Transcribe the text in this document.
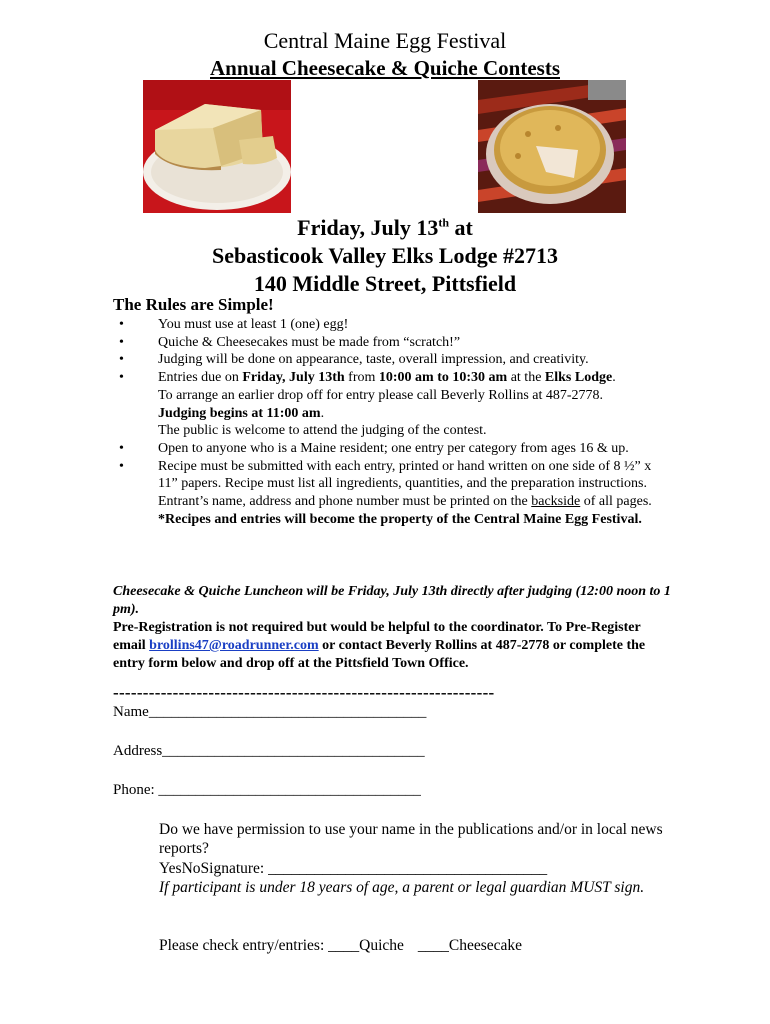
Central Maine Egg Festival
Annual Cheesecake & Quiche Contests
Friday, July 13th at
Sebasticook Valley Elks Lodge #2713
140 Middle Street, Pittsfield
The Rules are Simple!
• You must use at least 1 (one) egg!
• Quiche & Cheesecakes must be made from “scratch!”
• Judging will be done on appearance, taste, overall impression, and creativity.
• Entries due on Friday, July 13th from 10:00 am to 10:30 am at the Elks Lodge.
To arrange an earlier drop off for entry please call Beverly Rollins at 487-2778.
Judging begins at 11:00 am.
The public is welcome to attend the judging of the contest.
• Open to anyone who is a Maine resident; one entry per category from ages 16 & up.
• Recipe must be submitted with each entry, printed or hand written on one side of 8 ½” x 11” papers. Recipe must list all ingredients, quantities, and the preparation instructions. Entrant’s name, address and phone number must be printed on the backside of all pages.
*Recipes and entries will become the property of the Central Maine Egg Festival.
Cheesecake & Quiche Luncheon will be Friday, July 13th directly after judging (12:00 noon to 1 pm).
Pre-Registration is not required but would be helpful to the coordinator. To Pre-Register email brollins47@roadrunner.com or contact Beverly Rollins at 487-2778 or complete the entry form below and drop off at the Pittsfield Town Office.
----------------------------------------------------------------
Name_____________________________________
Address___________________________________
Phone: ___________________________________
Do we have permission to use your name in the publications and/or in local news reports?
YesNoSignature: ____________________________________
If participant is under 18 years of age, a parent or legal guardian MUST sign.
Please check entry/entries: ____Quiche ____Cheesecake
